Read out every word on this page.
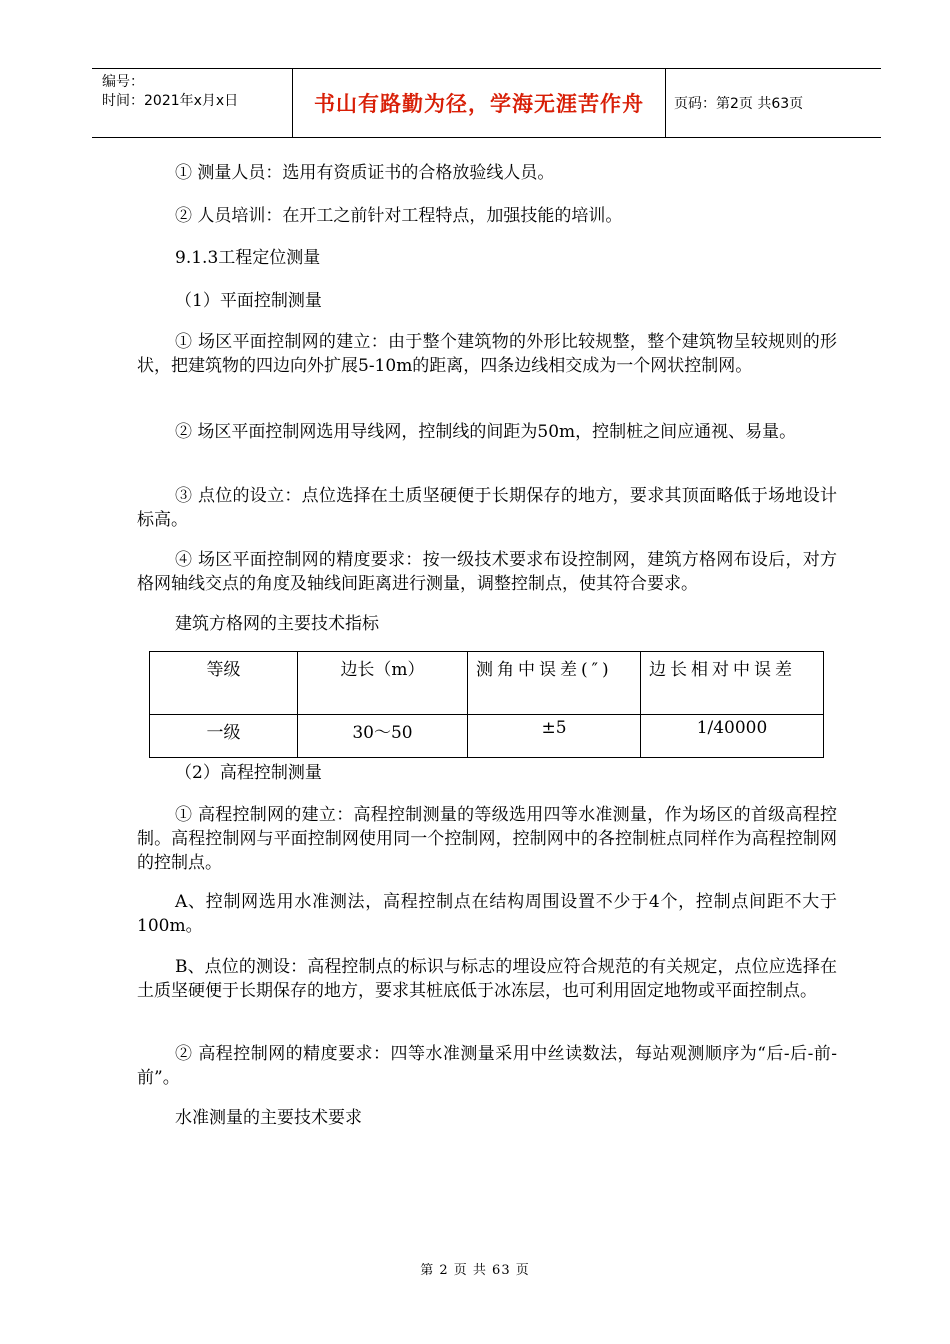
编号：
时间：2021年x月x日	书山有路勤为径，学海无涯苦作舟	页码：第2页 共63页

① 测量人员：选用有资质证书的合格放验线人员。

② 人员培训：在开工之前针对工程特点，加强技能的培训。

9.1.3工程定位测量

（1）平面控制测量

① 场区平面控制网的建立：由于整个建筑物的外形比较规整，整个建筑物呈较规则的形状，把建筑物的四边向外扩展5-10m的距离，四条边线相交成为一个网状控制网。

② 场区平面控制网选用导线网，控制线的间距为50m，控制桩之间应通视、易量。

③ 点位的设立：点位选择在土质坚硬便于长期保存的地方，要求其顶面略低于场地设计标高。

④ 场区平面控制网的精度要求：按一级技术要求布设控制网，建筑方格网布设后，对方格网轴线交点的角度及轴线间距离进行测量，调整控制点，使其符合要求。

建筑方格网的主要技术指标

等级	边长（m）	测角中误差(″)	边长相对中误差
一级	30～50	±5	1/40000

（2）高程控制测量

① 高程控制网的建立：高程控制测量的等级选用四等水准测量，作为场区的首级高程控制。高程控制网与平面控制网使用同一个控制网，控制网中的各控制桩点同样作为高程控制网的控制点。

A、控制网选用水准测法，高程控制点在结构周围设置不少于4个，控制点间距不大于100m。

B、点位的测设：高程控制点的标识与标志的埋设应符合规范的有关规定，点位应选择在土质坚硬便于长期保存的地方，要求其桩底低于冰冻层，也可利用固定地物或平面控制点。

② 高程控制网的精度要求：四等水准测量采用中丝读数法，每站观测顺序为“后-后-前-前”。

水准测量的主要技术要求

第 2 页 共 63 页
